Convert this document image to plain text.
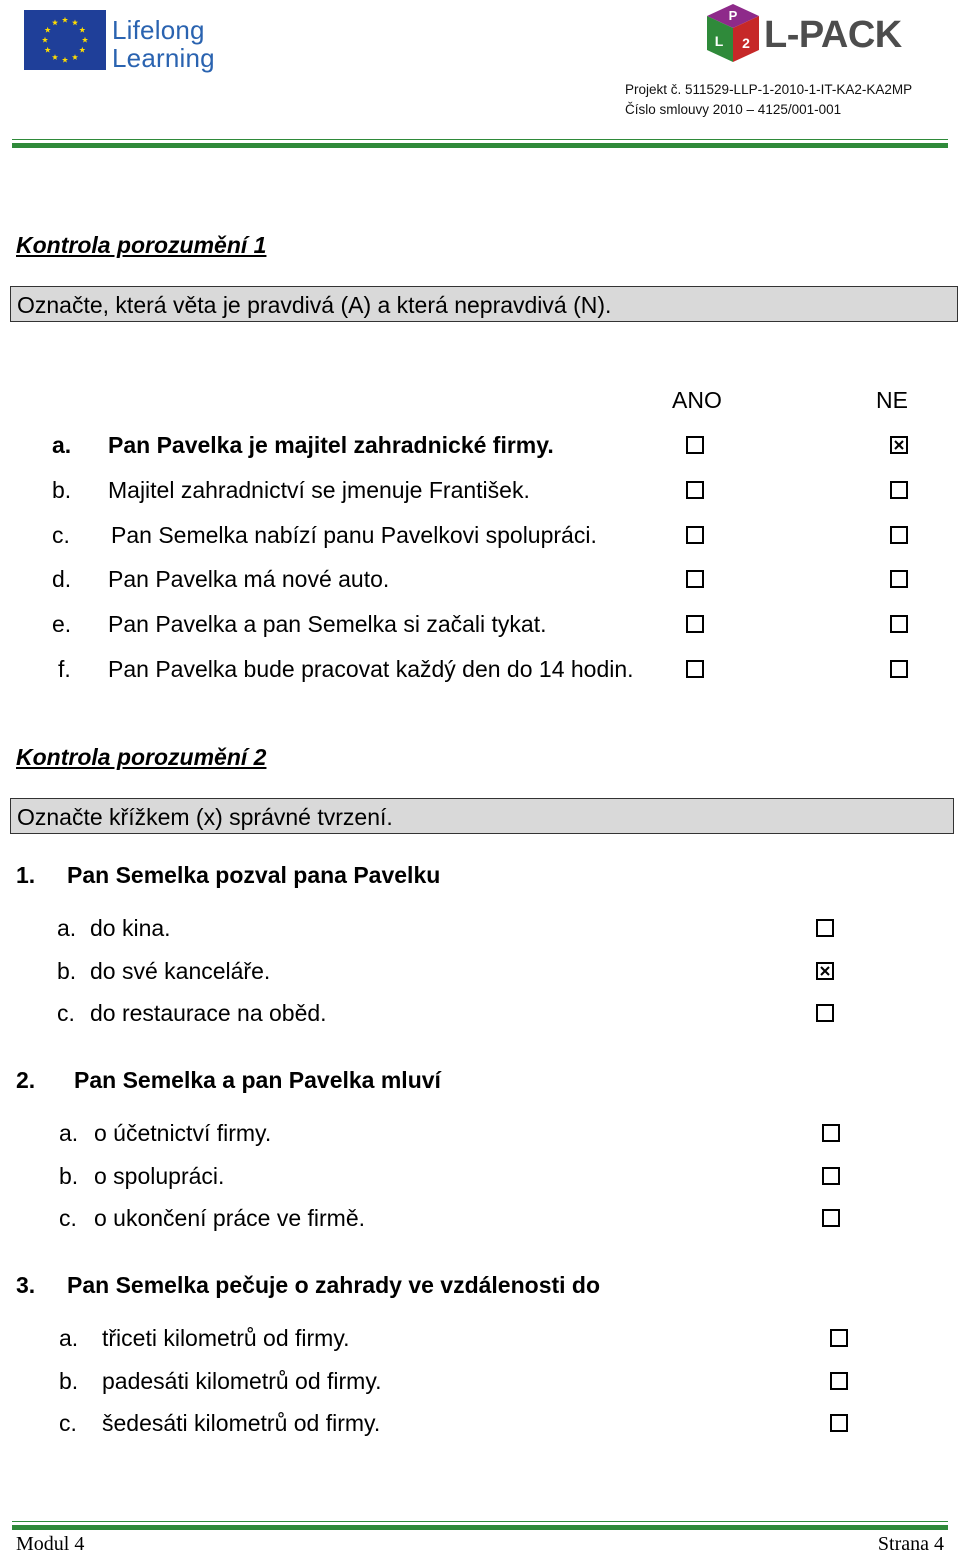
Lifelong
Learning
P
L 2 L-PACK
Projekt č. 511529-LLP-1-2010-1-IT-KA2-KA2MP
Číslo smlouvy 2010 – 4125/001-001
Kontrola porozumění 1
Označte, která věta je pravdivá (A) a která nepravdivá (N).
ANO	NE
a. Pan Pavelka je majitel zahradnické firmy.
b. Majitel zahradnictví se jmenuje František.
c. Pan Semelka nabízí panu Pavelkovi spolupráci.
d. Pan Pavelka má nové auto.
e. Pan Pavelka a pan Semelka si začali tykat.
f. Pan Pavelka bude pracovat každý den do 14 hodin.
Kontrola porozumění 2
Označte křížkem (x) správné tvrzení.
1. Pan Semelka pozval pana Pavelku
a. do kina.
b. do své kanceláře.
c. do restaurace na oběd.
2. Pan Semelka a pan Pavelka mluví
a. o účetnictví firmy.
b. o spolupráci.
c. o ukončení práce ve firmě.
3. Pan Semelka pečuje o zahrady ve vzdálenosti do
a. třiceti kilometrů od firmy.
b. padesáti kilometrů od firmy.
c. šedesáti kilometrů od firmy.
Modul 4	Strana 4
